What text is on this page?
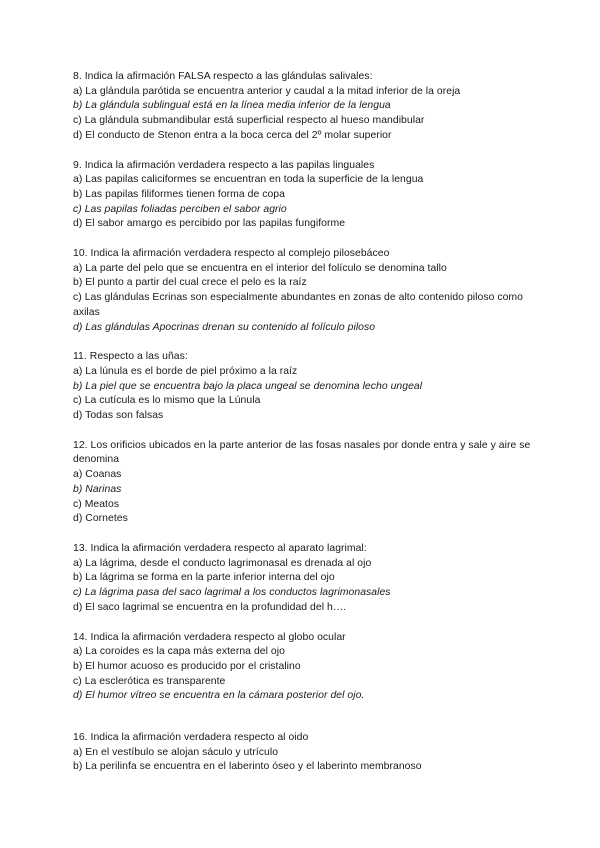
8. Indica la afirmación FALSA respecto a las glándulas salivales:
a) La glándula parótida se encuentra anterior y caudal a la mitad inferior de la oreja
b) La glándula sublingual está en la línea media inferior de la lengua
c) La glándula submandibular está superficial respecto al hueso mandibular
d) El conducto de Stenon entra a la boca cerca del 2º molar superior
9. Indica la afirmación verdadera respecto a las papilas linguales
a) Las papilas caliciformes se encuentran en toda la superficie de la lengua
b) Las papilas filiformes tienen forma de copa
c) Las papilas foliadas perciben el sabor agrio
d) El sabor amargo es percibido por las papilas fungiforme
10. Indica la afirmación verdadera respecto al complejo pilosebáceo
a) La parte del pelo que se encuentra en el interior del folículo se denomina tallo
b) El punto a partir del cual crece el pelo es la raíz
c) Las glándulas Ecrinas son especialmente abundantes en zonas de alto contenido piloso como axilas
d) Las glándulas Apocrinas drenan su contenido al folículo piloso
11. Respecto a las uñas:
a) La lúnula es el borde de piel próximo a la raíz
b) La piel que se encuentra bajo la placa ungeal se denomina lecho ungeal
c) La cutícula es lo mismo que la Lúnula
d) Todas son falsas
12. Los orificios ubicados en la parte anterior de las fosas nasales por donde entra y sale y aire se denomina
a) Coanas
b) Narinas
c) Meatos
d) Cornetes
13. Indica la afirmación verdadera respecto al aparato lagrimal:
a) La lágrima, desde el conducto lagrimonasal es drenada al ojo
b) La lágrima se forma en la parte inferior interna del ojo
c) La lágrima pasa del saco lagrimal a los conductos lagrimonasales
d) El saco lagrimal se encuentra en la profundidad del h….
14. Indica la afirmación verdadera respecto al globo ocular
a) La coroides es la capa más externa del ojo
b) El humor acuoso es producido por el cristalino
c) La esclerótica es transparente
d) El humor vítreo se encuentra en la cámara posterior del ojo.
16. Indica la afirmación verdadera respecto al oido
a) En el vestíbulo se alojan sáculo y utrículo
b) La perilinfa se encuentra en el laberinto óseo y el laberinto membranoso
